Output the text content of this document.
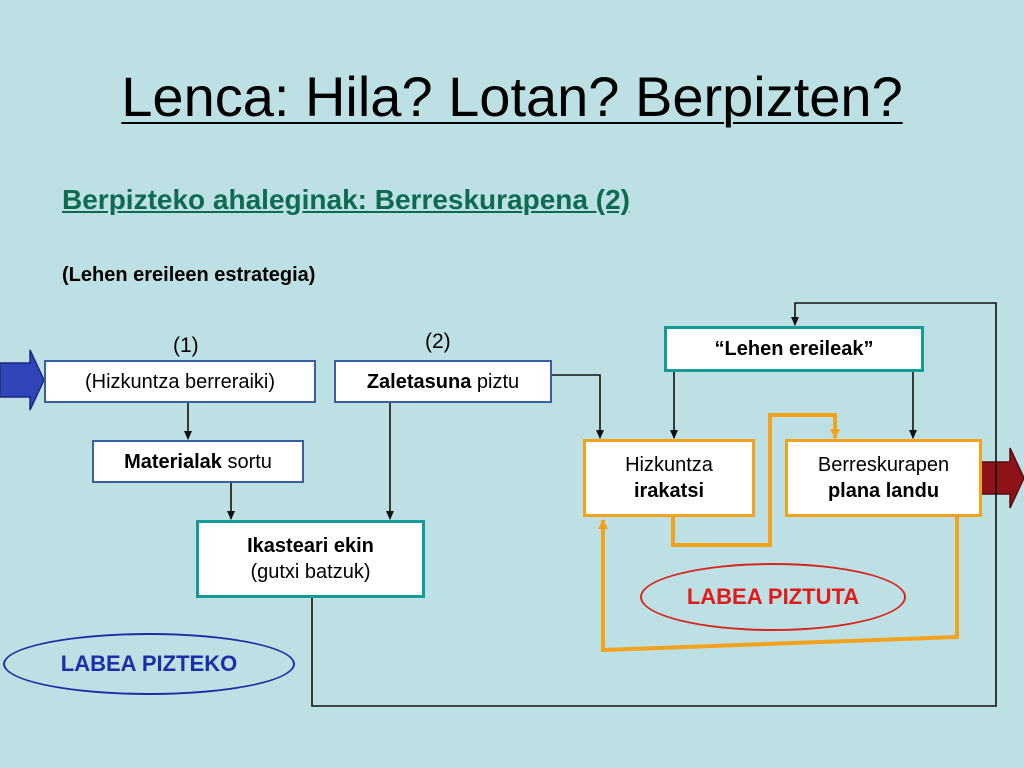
Lenca: Hila? Lotan? Berpizten?
Berpizteko ahaleginak: Berreskurapena (2)
(Lehen ereileen estrategia)
(1)	(2)
(Hizkuntza berreraiki)	Zaletasuna piztu
Materialak sortu
Ikasteari ekin
(gutxi batzuk)
“Lehen ereileak”
Hizkuntza
irakatsi
Berreskurapen
plana landu
LABEA PIZTEKO
LABEA PIZTUTA
